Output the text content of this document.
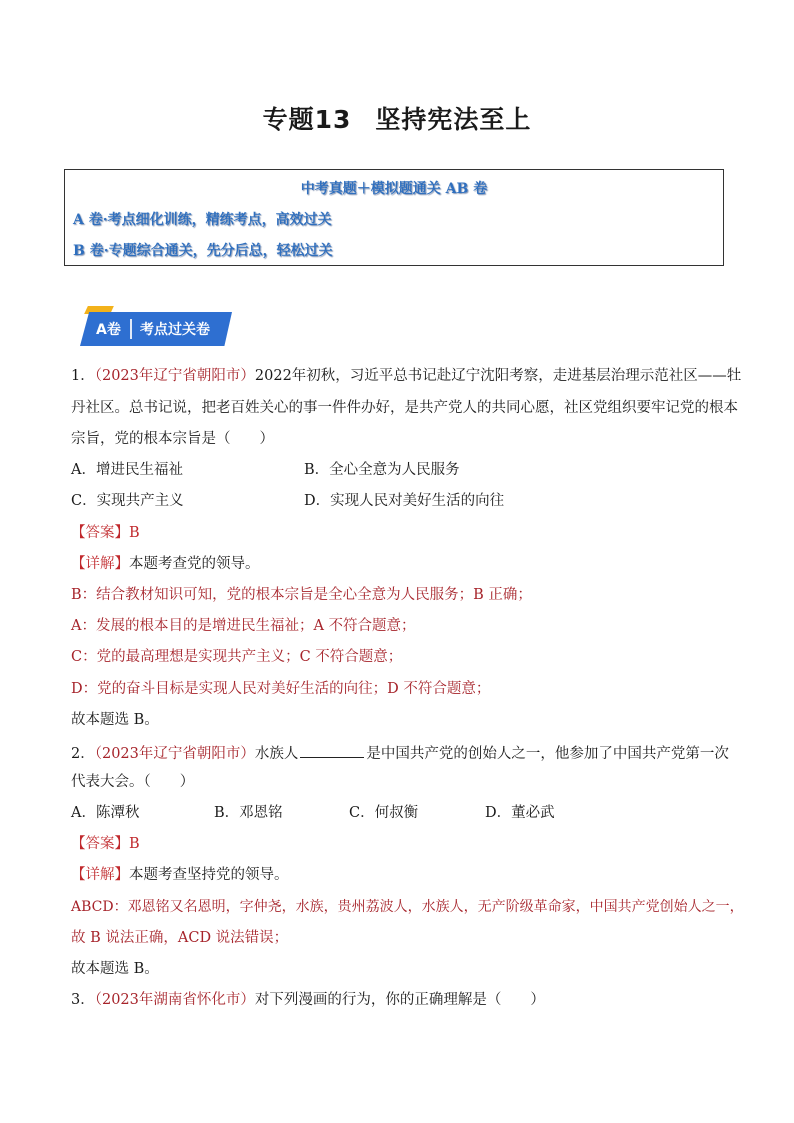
专题13 坚持宪法至上
中考真题＋模拟题通关 AB 卷
A 卷·考点细化训练，精练考点，高效过关
B 卷·专题综合通关，先分后总，轻松过关
A卷 考点过关卷
1．（2023年辽宁省朝阳市）2022年初秋，习近平总书记赴辽宁沈阳考察，走进基层治理示范社区——牡
丹社区。总书记说，把老百姓关心的事一件件办好，是共产党人的共同心愿，社区党组织要牢记党的根本
宗旨，党的根本宗旨是（　　）
A．增进民生福祉	B．全心全意为人民服务
C．实现共产主义	D．实现人民对美好生活的向往
【答案】B
【详解】本题考查党的领导。
B：结合教材知识可知，党的根本宗旨是全心全意为人民服务；B 正确；
A：发展的根本目的是增进民生福祉；A 不符合题意；
C：党的最高理想是实现共产主义；C 不符合题意；
D：党的奋斗目标是实现人民对美好生活的向往；D 不符合题意；
故本题选 B。
2．（2023年辽宁省朝阳市）水族人	是中国共产党的创始人之一，他参加了中国共产党第一次
代表大会。（　　）
A．陈潭秋	B．邓恩铭	C．何叔衡	D．董必武
【答案】B
【详解】本题考查坚持党的领导。
ABCD：邓恩铭又名恩明，字仲尧，水族，贵州荔波人，水族人，无产阶级革命家，中国共产党创始人之一，
故 B 说法正确，ACD 说法错误；
故本题选 B。
3．（2023年湖南省怀化市）对下列漫画的行为，你的正确理解是（　　）
